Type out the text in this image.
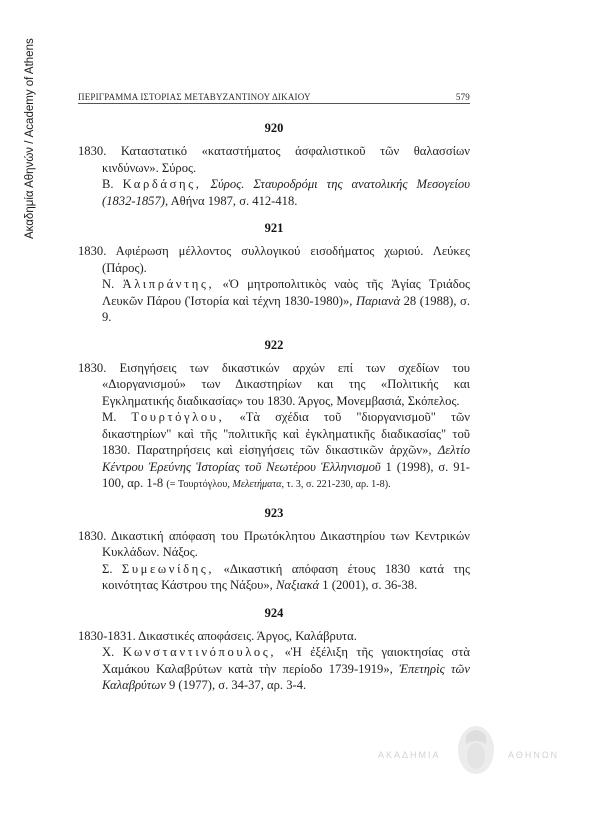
Ακαδημία Αθηνών / Academy of Athens	ΠΕΡΙΓΡΑΜΜΑ ΙΣΤΟΡΙΑΣ ΜΕΤΑΒΥΖΑΝΤΙΝΟΥ ΔΙΚΑΙΟΥ	579
920
1830. Καταστατικό «καταστήματος άσφαλιστικοῦ τῶν θαλασσίων κινδύνων». Σύρος.
Β. Καρδάσης, Σύρος. Σταυροδρόμι της ανατολικής Μεσογείου (1832-1857), Αθήνα 1987, σ. 412-418.
921
1830. Αφιέρωση μέλλοντος συλλογικού εισοδήματος χωριού. Λεύκες (Πάρος).
Ν. Ἀλιπράντης, «Ὁ μητροπολιτικὸς ναὸς τῆς Ἁγίας Τριάδος Λευκῶν Πάρου (Ἱστορία καὶ τέχνη 1830-1980)», Παριανὰ 28 (1988), σ. 9.
922
1830. Εισηγήσεις των δικαστικών αρχών επί των σχεδίων του «Διοργανισμού» των Δικαστηρίων και της «Πολιτικής και Εγκληματικής διαδικασίας» του 1830. Άργος, Μονεμβασιά, Σκόπελος.
Μ. Τουρτόγλου, «Τὰ σχέδια τοῦ "διοργανισμοῦ" τῶν δικαστηρίων" καὶ τῆς "πολιτικῆς καὶ ἐγκληματικῆς διαδικασίας" τοῦ 1830. Παρατηρήσεις καὶ εἰσηγήσεις τῶν δικαστικῶν ἀρχῶν», Δελτίο Κέντρου Ἐρεύνης Ἱστορίας τοῦ Νεωτέρου Ἑλληνισμοῦ 1 (1998), σ. 91-100, αρ. 1-8 (= Τουρτόγλου, Μελετήματα, τ. 3, σ. 221-230, αρ. 1-8).
923
1830. Δικαστική απόφαση του Πρωτόκλητου Δικαστηρίου των Κεντρικών Κυκλάδων. Νάξος.
Σ. Συμεωνίδης, «Δικαστική απόφαση έτους 1830 κατά της κοινότητας Κάστρου της Νάξου», Ναξιακά 1 (2001), σ. 36-38.
924
1830-1831. Δικαστικές αποφάσεις. Άργος, Καλάβρυτα.
Χ. Κωνσταντινόπουλος, «Ἡ ἐξέλιξη τῆς γαιοκτησίας στὰ Χαμάκου Καλαβρύτων κατὰ τὴν περίοδο 1739-1919», Ἐπετηρὶς τῶν Καλαβρύτων 9 (1977), σ. 34-37, αρ. 3-4.
ΑΚΑΔΗΜΙΑ	ΑΘΗΝΩΝ
